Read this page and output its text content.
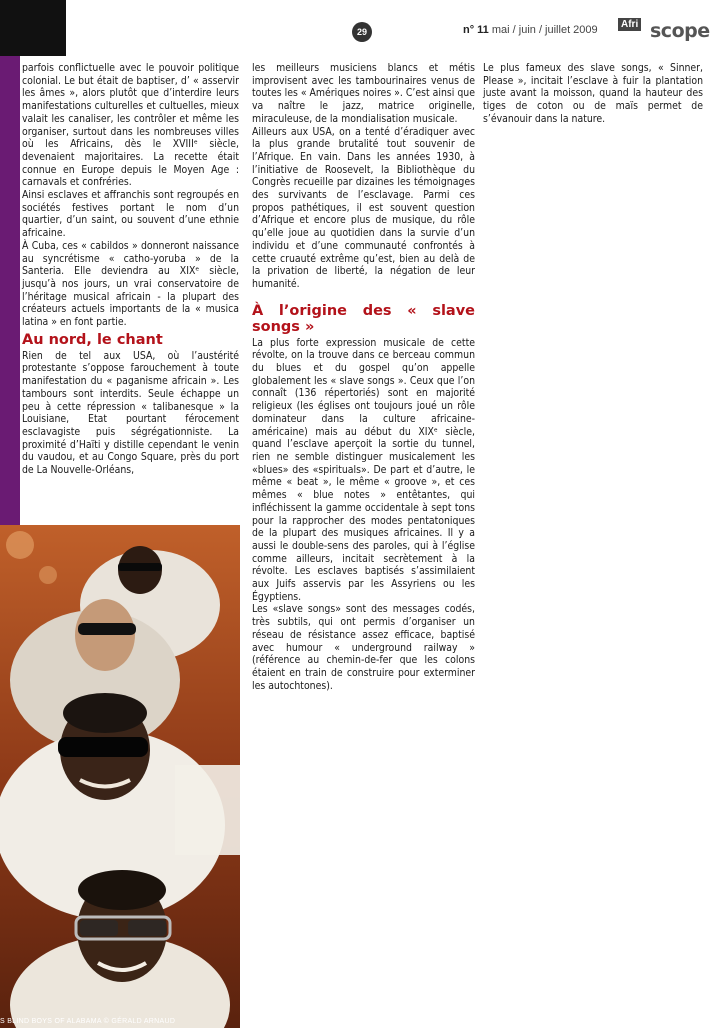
29	n° 11 mai / juin / juillet 2009	Afri scope

parfois conflictuelle avec le pouvoir politique colonial. Le but était de baptiser, d’ « asservir les âmes », alors plutôt que d’interdire leurs manifestations culturelles et cultuelles, mieux valait les canaliser, les contrôler et même les organiser, surtout dans les nombreuses villes où les Africains, dès le XVIIIᵉ siècle, devenaient majoritaires. La recette était connue en Europe depuis le Moyen Age : carnavals et confréries.

Ainsi esclaves et affranchis sont regroupés en sociétés festives portant le nom d’un quartier, d’un saint, ou souvent d’une ethnie africaine.

À Cuba, ces « cabildos » donneront naissance au syncrétisme « catho-yoruba » de la Santeria. Elle deviendra au XIXᵉ siècle, jusqu’à nos jours, un vrai conservatoire de l’héritage musical africain - la plupart des créateurs actuels importants de la « musica latina » en font partie.

Au nord, le chant

Rien de tel aux USA, où l’austérité protestante s’oppose farouchement à toute manifestation du « paganisme africain ». Les tambours sont interdits. Seule échappe un peu à cette répression « talibanesque » la Louisiane, Etat pourtant férocement esclavagiste puis ségrégationniste. La proximité d’Haïti y distille cependant le venin du vaudou, et au Congo Square, près du port de La Nouvelle-Orléans,

les meilleurs musiciens blancs et métis improvisent avec les tambourinaires venus de toutes les « Amériques noires ». C’est ainsi que va naître le jazz, matrice originelle, miraculeuse, de la mondialisation musicale.

Ailleurs aux USA, on a tenté d’éradiquer avec la plus grande brutalité tout souvenir de l’Afrique. En vain. Dans les années 1930, à l’initiative de Roosevelt, la Bibliothèque du Congrès recueille par dizaines les témoignages des survivants de l’esclavage. Parmi ces propos pathétiques, il est souvent question d’Afrique et encore plus de musique, du rôle qu’elle joue au quotidien dans la survie d’un individu et d’une communauté confrontés à cette cruauté extrême qu’est, bien au delà de la privation de liberté, la négation de leur humanité.

À l’origine des « slave songs »

La plus forte expression musicale de cette révolte, on la trouve dans ce berceau commun du blues et du gospel qu’on appelle globalement les « slave songs ». Ceux que l’on connaît (136 répertoriés) sont en majorité religieux (les églises ont toujours joué un rôle dominateur dans la culture africaine-américaine) mais au début du XIXᵉ siècle, quand l’esclave aperçoit la sortie du tunnel, rien ne semble distinguer musicalement les «blues» des «spirituals». De part et d’autre, le même « beat », le même « groove », et ces mêmes « blue notes » entêtantes, qui infléchissent la gamme occidentale à sept tons pour la rapprocher des modes pentatoniques de la plupart des musiques africaines. Il y a aussi le double-sens des paroles, qui à l’église comme ailleurs, incitait secrètement à la révolte. Les esclaves baptisés s’assimilaient aux Juifs asservis par les Assyriens ou les Égyptiens.

Les «slave songs» sont des messages codés, très subtils, qui ont permis d’organiser un réseau de résistance assez efficace, baptisé avec humour « underground railway » (référence au chemin-de-fer que les colons étaient en train de construire pour exterminer les autochtones).

Le plus fameux des slave songs, « Sinner, Please », incitait l’esclave à fuir la plantation juste avant la moisson, quand la hauteur des tiges de coton ou de maïs permet de s’évanouir dans la nature.

S BLIND BOYS OF ALABAMA © GÉRALD ARNAUD
